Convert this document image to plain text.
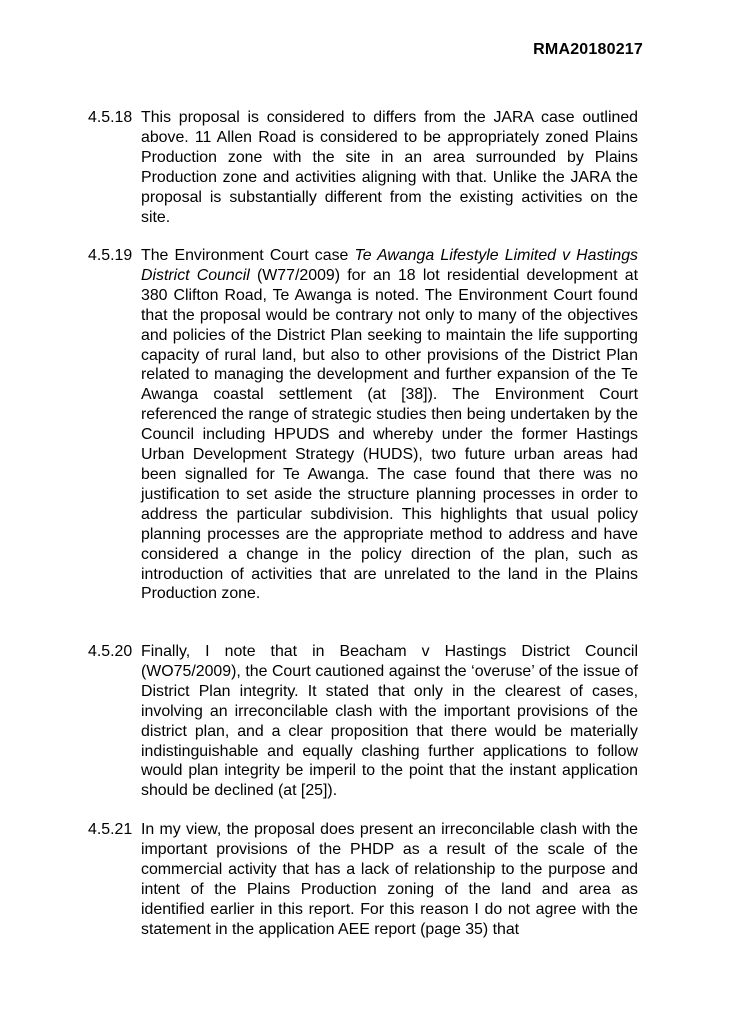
RMA20180217
4.5.18 This proposal is considered to differs from the JARA case outlined above. 11 Allen Road is considered to be appropriately zoned Plains Production zone with the site in an area surrounded by Plains Production zone and activities aligning with that. Unlike the JARA the proposal is substantially different from the existing activities on the site.
4.5.19 The Environment Court case Te Awanga Lifestyle Limited v Hastings District Council (W77/2009) for an 18 lot residential development at 380 Clifton Road, Te Awanga is noted. The Environment Court found that the proposal would be contrary not only to many of the objectives and policies of the District Plan seeking to maintain the life supporting capacity of rural land, but also to other provisions of the District Plan related to managing the development and further expansion of the Te Awanga coastal settlement (at [38]). The Environment Court referenced the range of strategic studies then being undertaken by the Council including HPUDS and whereby under the former Hastings Urban Development Strategy (HUDS), two future urban areas had been signalled for Te Awanga. The case found that there was no justification to set aside the structure planning processes in order to address the particular subdivision. This highlights that usual policy planning processes are the appropriate method to address and have considered a change in the policy direction of the plan, such as introduction of activities that are unrelated to the land in the Plains Production zone.
4.5.20 Finally, I note that in Beacham v Hastings District Council (WO75/2009), the Court cautioned against the ‘overuse’ of the issue of District Plan integrity. It stated that only in the clearest of cases, involving an irreconcilable clash with the important provisions of the district plan, and a clear proposition that there would be materially indistinguishable and equally clashing further applications to follow would plan integrity be imperil to the point that the instant application should be declined (at [25]).
4.5.21 In my view, the proposal does present an irreconcilable clash with the important provisions of the PHDP as a result of the scale of the commercial activity that has a lack of relationship to the purpose and intent of the Plains Production zoning of the land and area as identified earlier in this report. For this reason I do not agree with the statement in the application AEE report (page 35) that
